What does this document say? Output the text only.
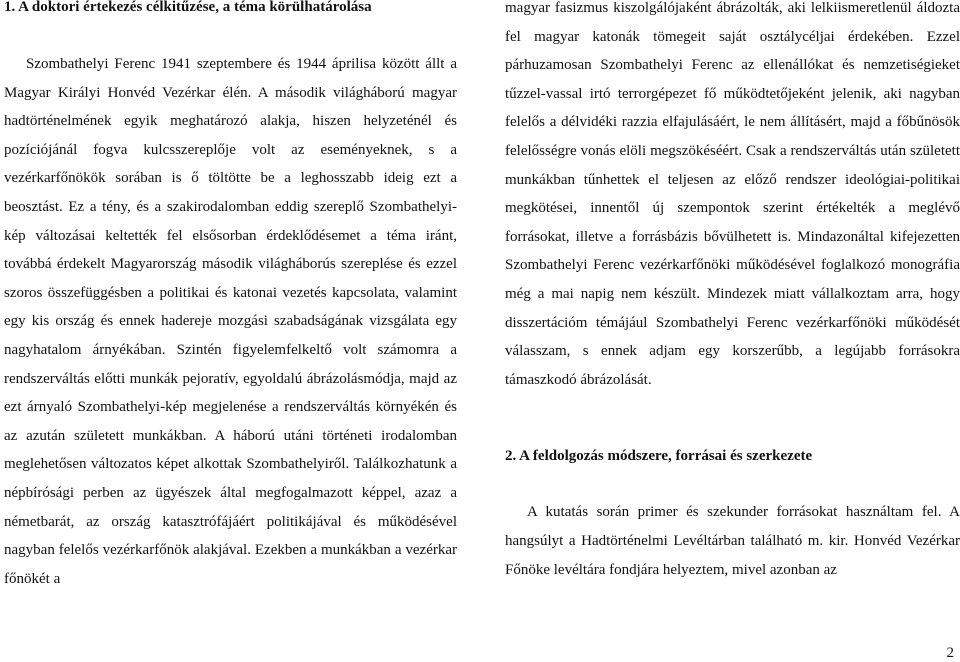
1. A doktori értekezés célkitűzése, a téma körülhatárolása

Szombathelyi Ferenc 1941 szeptembere és 1944 áprilisa között állt a Magyar Királyi Honvéd Vezérkar élén. A második világháború magyar hadtörténelmének egyik meghatározó alakja, hiszen helyzeténél és pozíciójánál fogva kulcsszereplője volt az eseményeknek, s a vezérkarfőnökök sorában is ő töltötte be a leghosszabb ideig ezt a beosztást. Ez a tény, és a szakirodalomban eddig szereplő Szombathelyi-kép változásai keltették fel elsősorban érdeklődésemet a téma iránt, továbbá érdekelt Magyarország második világháborús szereplése és ezzel szoros összefüggésben a politikai és katonai vezetés kapcsolata, valamint egy kis ország és ennek hadereje mozgási szabadságának vizsgálata egy nagyhatalom árnyékában. Szintén figyelemfelkeltő volt számomra a rendszerváltás előtti munkák pejoratív, egyoldalú ábrázolásmódja, majd az ezt árnyaló Szombathelyi-kép megjelenése a rendszerváltás környékén és az azután született munkákban. A háború utáni történeti irodalomban meglehetősen változatos képet alkottak Szombathelyiről. Találkozhatunk a népbírósági perben az ügyészek által megfogalmazott képpel, azaz a németbarát, az ország katasztrófájáért politikájával és működésével nagyban felelős vezérkarfőnök alakjával. Ezekben a munkákban a vezérkar főnökét a

magyar fasizmus kiszolgálójaként ábrázolták, aki lelkiismeretlenül áldozta fel magyar katonák tömegeit saját osztálycéljai érdekében. Ezzel párhuzamosan Szombathelyi Ferenc az ellenállókat és nemzetiségieket tűzzel-vassal irtó terrorgépezet fő működtetőjeként jelenik, aki nagyban felelős a délvidéki razzia elfajulásáért, le nem állításért, majd a főbűnösök felelősségre vonás elöli megszökéséért. Csak a rendszerváltás után született munkákban tűnhettek el teljesen az előző rendszer ideológiai-politikai megkötései, innentől új szempontok szerint értékelték a meglévő forrásokat, illetve a forrásbázis bővülhetett is. Mindazonáltal kifejezetten Szombathelyi Ferenc vezérkarfőnöki működésével foglalkozó monográfia még a mai napig nem készült. Mindezek miatt vállalkoztam arra, hogy disszertációm témájául Szombathelyi Ferenc vezérkarfőnöki működését válasszam, s ennek adjam egy korszerűbb, a legújabb forrásokra támaszkodó ábrázolását.

2. A feldolgozás módszere, forrásai és szerkezete

A kutatás során primer és szekunder forrásokat használtam fel. A hangsúlyt a Hadtörténelmi Levéltárban található m. kir. Honvéd Vezérkar Főnöke levéltára fondjára helyeztem, mivel azonban az

2
